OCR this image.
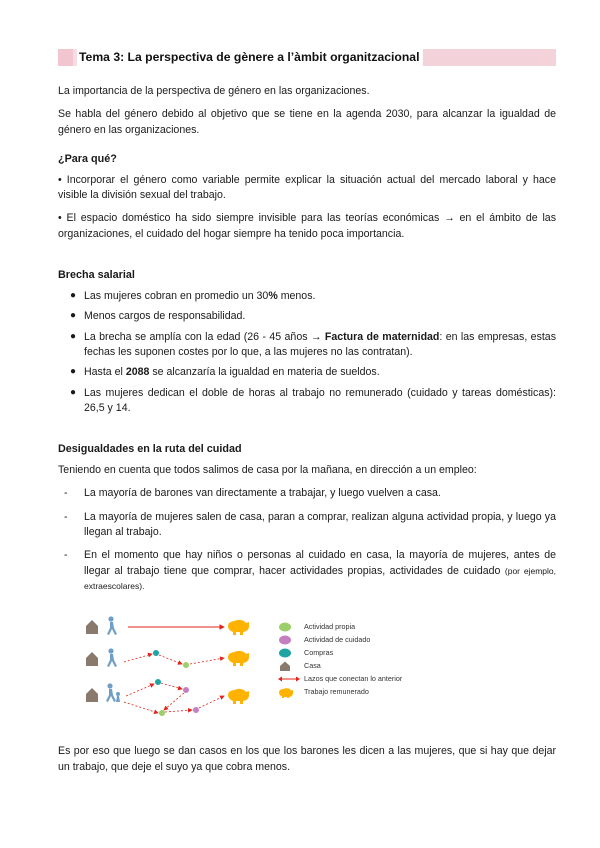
Tema 3: La perspectiva de gènere a l’àmbit organitzacional

La importancia de la perspectiva de género en las organizaciones.

Se habla del género debido al objetivo que se tiene en la agenda 2030, para alcanzar la igualdad de género en las organizaciones.

¿Para qué?

• Incorporar el género como variable permite explicar la situación actual del mercado laboral y hace visible la división sexual del trabajo.

• El espacio doméstico ha sido siempre invisible para las teorías económicas → en el ámbito de las organizaciones, el cuidado del hogar siempre ha tenido poca importancia.

Brecha salarial
● Las mujeres cobran en promedio un 30% menos.
● Menos cargos de responsabilidad.
● La brecha se amplía con la edad (26 - 45 años → Factura de maternidad: en las empresas, estas fechas les suponen costes por lo que, a las mujeres no las contratan).
● Hasta el 2088 se alcanzaría la igualdad en materia de sueldos.
● Las mujeres dedican el doble de horas al trabajo no remunerado (cuidado y tareas domésticas): 26,5 y 14.
Desigualdades en la ruta del cuidad

Teniendo en cuenta que todos salimos de casa por la mañana, en dirección a un empleo:

- La mayoría de barones van directamente a trabajar, y luego vuelven a casa.
- La mayoría de mujeres salen de casa, paran a comprar, realizan alguna actividad propia, y luego ya llegan al trabajo.
- En el momento que hay niños o personas al cuidado en casa, la mayoría de mujeres, antes de llegar al trabajo tiene que comprar, hacer actividades propias, actividades de cuidado (por ejemplo, extraescolares).
Actividad propia
Actividad de cuidado
Compras
Casa
Lazos que conectan lo anterior
Trabajo remunerado

Es por eso que luego se dan casos en los que los barones les dicen a las mujeres, que si hay que dejar un trabajo, que deje el suyo ya que cobra menos.
